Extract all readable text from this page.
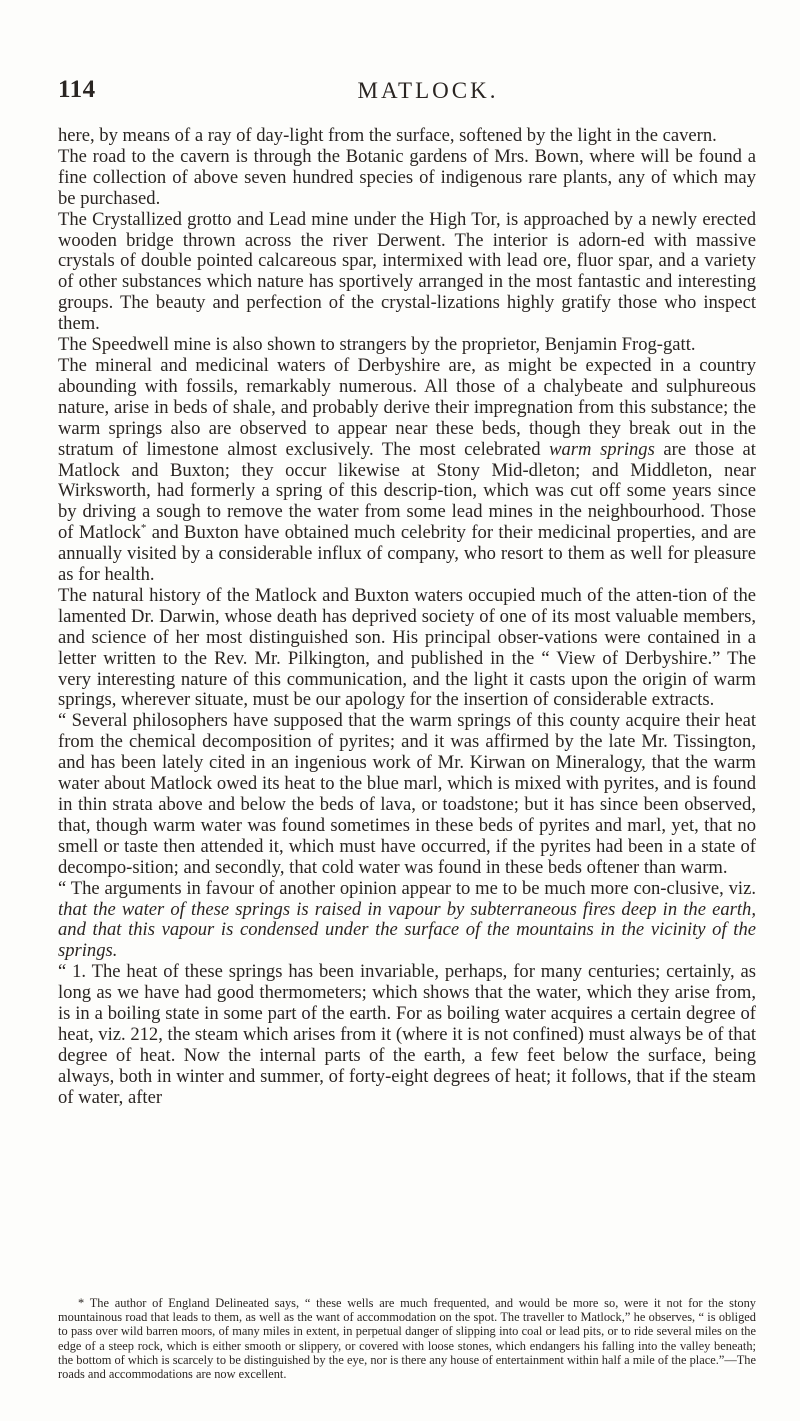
114	MATLOCK.

here, by means of a ray of day-light from the surface, softened by the light in the cavern.

The road to the cavern is through the Botanic gardens of Mrs. Bown, where will be found a fine collection of above seven hundred species of indigenous rare plants, any of which may be purchased.

The Crystallized grotto and Lead mine under the High Tor, is approached by a newly erected wooden bridge thrown across the river Derwent. The interior is adorn-ed with massive crystals of double pointed calcareous spar, intermixed with lead ore, fluor spar, and a variety of other substances which nature has sportively arranged in the most fantastic and interesting groups. The beauty and perfection of the crystal-lizations highly gratify those who inspect them.

The Speedwell mine is also shown to strangers by the proprietor, Benjamin Frog-gatt.

The mineral and medicinal waters of Derbyshire are, as might be expected in a country abounding with fossils, remarkably numerous. All those of a chalybeate and sulphureous nature, arise in beds of shale, and probably derive their impregnation from this substance; the warm springs also are observed to appear near these beds, though they break out in the stratum of limestone almost exclusively. The most celebrated warm springs are those at Matlock and Buxton; they occur likewise at Stony Mid-dleton; and Middleton, near Wirksworth, had formerly a spring of this descrip-tion, which was cut off some years since by driving a sough to remove the water from some lead mines in the neighbourhood. Those of Matlock* and Buxton have obtained much celebrity for their medicinal properties, and are annually visited by a considerable influx of company, who resort to them as well for pleasure as for health.

The natural history of the Matlock and Buxton waters occupied much of the atten-tion of the lamented Dr. Darwin, whose death has deprived society of one of its most valuable members, and science of her most distinguished son. His principal obser-vations were contained in a letter written to the Rev. Mr. Pilkington, and published in the “ View of Derbyshire.” The very interesting nature of this communication, and the light it casts upon the origin of warm springs, wherever situate, must be our apology for the insertion of considerable extracts.

“ Several philosophers have supposed that the warm springs of this county acquire their heat from the chemical decomposition of pyrites; and it was affirmed by the late Mr. Tissington, and has been lately cited in an ingenious work of Mr. Kirwan on Mineralogy, that the warm water about Matlock owed its heat to the blue marl, which is mixed with pyrites, and is found in thin strata above and below the beds of lava, or toadstone; but it has since been observed, that, though warm water was found sometimes in these beds of pyrites and marl, yet, that no smell or taste then attended it, which must have occurred, if the pyrites had been in a state of decompo-sition; and secondly, that cold water was found in these beds oftener than warm.

“ The arguments in favour of another opinion appear to me to be much more con-clusive, viz. that the water of these springs is raised in vapour by subterraneous fires deep in the earth, and that this vapour is condensed under the surface of the mountains in the vicinity of the springs.

“ 1. The heat of these springs has been invariable, perhaps, for many centuries; certainly, as long as we have had good thermometers; which shows that the water, which they arise from, is in a boiling state in some part of the earth. For as boiling water acquires a certain degree of heat, viz. 212, the steam which arises from it (where it is not confined) must always be of that degree of heat. Now the internal parts of the earth, a few feet below the surface, being always, both in winter and summer, of forty-eight degrees of heat; it follows, that if the steam of water, after

* The author of England Delineated says, “ these wells are much frequented, and would be more so, were it not for the stony mountainous road that leads to them, as well as the want of accommodation on the spot. The traveller to Matlock,” he observes, “ is obliged to pass over wild barren moors, of many miles in extent, in perpetual danger of slipping into coal or lead pits, or to ride several miles on the edge of a steep rock, which is either smooth or slippery, or covered with loose stones, which endangers his falling into the valley beneath; the bottom of which is scarcely to be distinguished by the eye, nor is there any house of entertainment within half a mile of the place.”—The roads and accommodations are now excellent.
